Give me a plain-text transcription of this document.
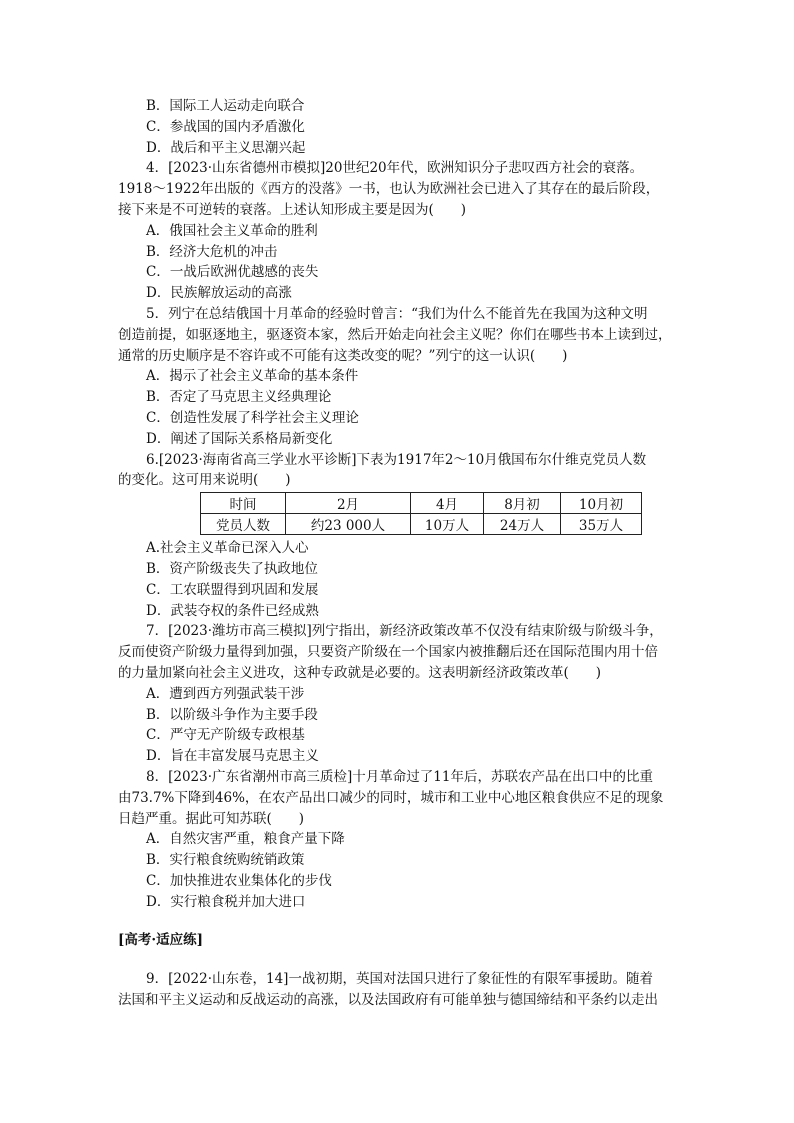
B．国际工人运动走向联合
C．参战国的国内矛盾激化
D．战后和平主义思潮兴起
4．[2023·山东省德州市模拟]20世纪20年代，欧洲知识分子悲叹西方社会的衰落。
1918～1922年出版的《西方的没落》一书，也认为欧洲社会已进入了其存在的最后阶段，
接下来是不可逆转的衰落。上述认知形成主要是因为(　　)
A．俄国社会主义革命的胜利
B．经济大危机的冲击
C．一战后欧洲优越感的丧失
D．民族解放运动的高涨
5．列宁在总结俄国十月革命的经验时曾言：“我们为什么不能首先在我国为这种文明
创造前提，如驱逐地主，驱逐资本家，然后开始走向社会主义呢？你们在哪些书本上读到过，
通常的历史顺序是不容许或不可能有这类改变的呢？”列宁的这一认识(　　)
A．揭示了社会主义革命的基本条件
B．否定了马克思主义经典理论
C．创造性发展了科学社会主义理论
D．阐述了国际关系格局新变化
6.[2023·海南省高三学业水平诊断]下表为1917年2～10月俄国布尔什维克党员人数
的变化。这可用来说明(　　)
时间	2月	4月	8月初	10月初
党员人数	约23 000人	10万人	24万人	35万人
A.社会主义革命已深入人心
B．资产阶级丧失了执政地位
C．工农联盟得到巩固和发展
D．武装夺权的条件已经成熟
7．[2023·潍坊市高三模拟]列宁指出，新经济政策改革不仅没有结束阶级与阶级斗争，
反而使资产阶级力量得到加强，只要资产阶级在一个国家内被推翻后还在国际范围内用十倍
的力量加紧向社会主义进攻，这种专政就是必要的。这表明新经济政策改革(　　)
A．遭到西方列强武装干涉
B．以阶级斗争作为主要手段
C．严守无产阶级专政根基
D．旨在丰富发展马克思主义
8．[2023·广东省潮州市高三质检]十月革命过了11年后，苏联农产品在出口中的比重
由73.7%下降到46%，在农产品出口减少的同时，城市和工业中心地区粮食供应不足的现象
日趋严重。据此可知苏联(　　)
A．自然灾害严重，粮食产量下降
B．实行粮食统购统销政策
C．加快推进农业集体化的步伐
D．实行粮食税并加大进口
[高考·适应练]
9．[2022·山东卷，14]一战初期，英国对法国只进行了象征性的有限军事援助。随着
法国和平主义运动和反战运动的高涨，以及法国政府有可能单独与德国缔结和平条约以走出
